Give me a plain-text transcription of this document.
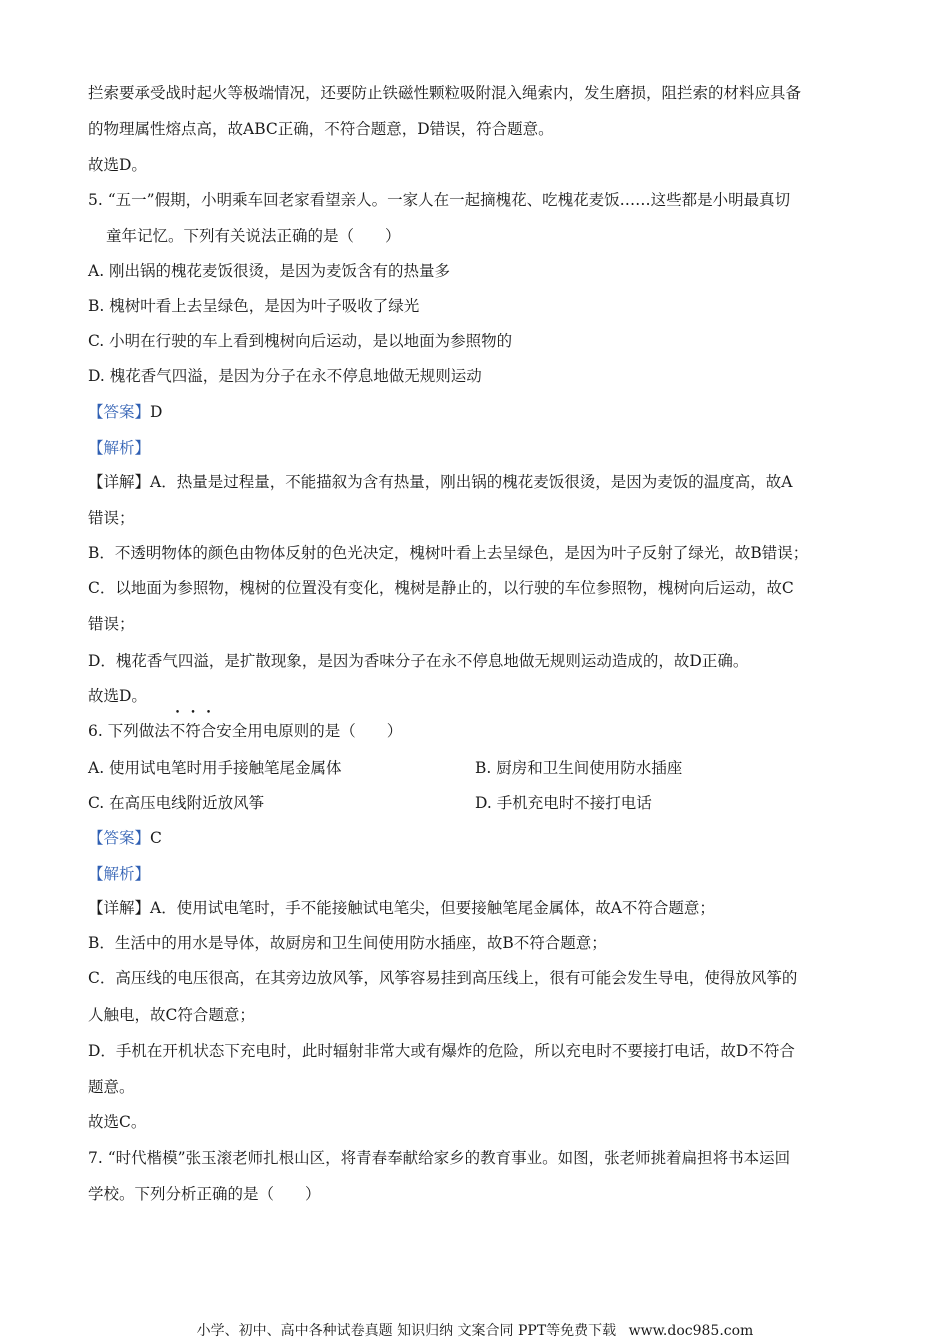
拦索要承受战时起火等极端情况，还要防止铁磁性颗粒吸附混入绳索内，发生磨损，阻拦索的材料应具备
的物理属性熔点高，故ABC正确，不符合题意，D错误，符合题意。
故选D。
5. “五一”假期，小明乘车回老家看望亲人。一家人在一起摘槐花、吃槐花麦饭……这些都是小明最真切
童年记忆。下列有关说法正确的是（　　）
A. 刚出锅的槐花麦饭很烫，是因为麦饭含有的热量多
B. 槐树叶看上去呈绿色，是因为叶子吸收了绿光
C. 小明在行驶的车上看到槐树向后运动，是以地面为参照物的
D. 槐花香气四溢，是因为分子在永不停息地做无规则运动
【答案】D
【解析】
【详解】A．热量是过程量，不能描叙为含有热量，刚出锅的槐花麦饭很烫，是因为麦饭的温度高，故A
错误；
B．不透明物体的颜色由物体反射的色光决定，槐树叶看上去呈绿色，是因为叶子反射了绿光，故B错误；
C．以地面为参照物，槐树的位置没有变化，槐树是静止的，以行驶的车位参照物，槐树向后运动，故C
错误；
D．槐花香气四溢，是扩散现象，是因为香味分子在永不停息地做无规则运动造成的，故D正确。
故选D。
6. 下列做法不符合安全用电原则的是（　　）
A. 使用试电笔时用手接触笔尾金属体	B. 厨房和卫生间使用防水插座
C. 在高压电线附近放风筝	D. 手机充电时不接打电话
【答案】C
【解析】
【详解】A．使用试电笔时，手不能接触试电笔尖，但要接触笔尾金属体，故A不符合题意；
B．生活中的用水是导体，故厨房和卫生间使用防水插座，故B不符合题意；
C．高压线的电压很高，在其旁边放风筝，风筝容易挂到高压线上，很有可能会发生导电，使得放风筝的
人触电，故C符合题意；
D．手机在开机状态下充电时，此时辐射非常大或有爆炸的危险，所以充电时不要接打电话，故D不符合
题意。
故选C。
7. “时代楷模”张玉滚老师扎根山区，将青春奉献给家乡的教育事业。如图，张老师挑着扁担将书本运回
学校。下列分析正确的是（　　）
小学、初中、高中各种试卷真题 知识归纳 文案合同 PPT等免费下载 www.doc985.com
